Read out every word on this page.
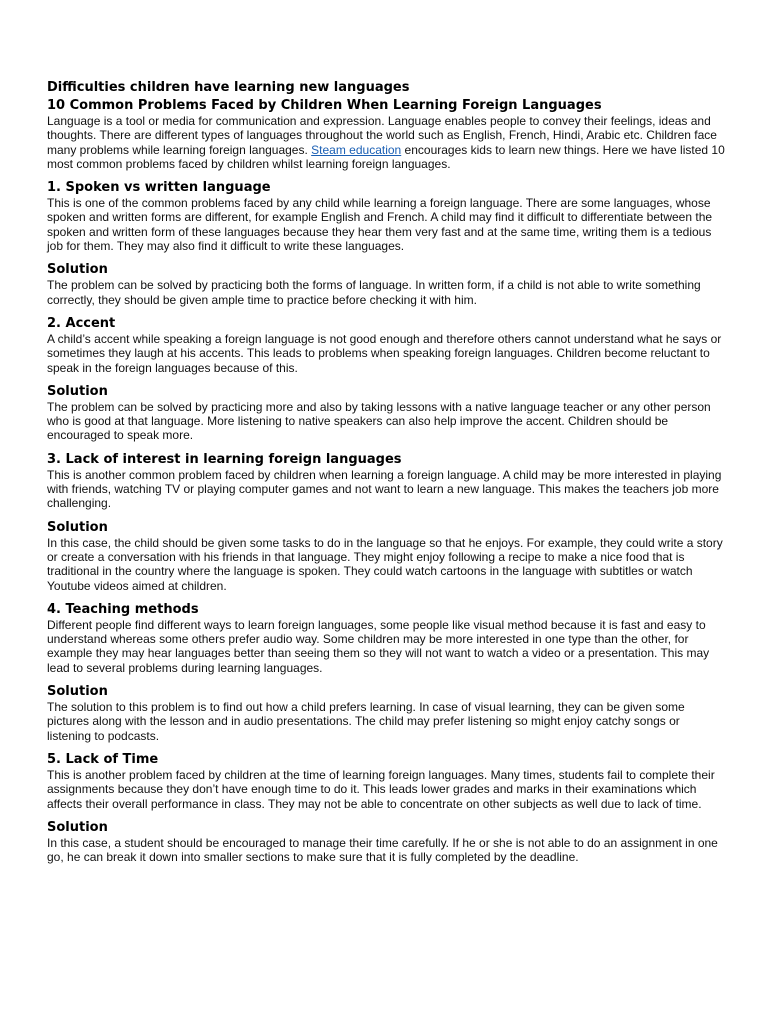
Difficulties children have learning new languages
10 Common Problems Faced by Children When Learning Foreign Languages

Language is a tool or media for communication and expression. Language enables people to convey their feelings, ideas and thoughts. There are different types of languages throughout the world such as English, French, Hindi, Arabic etc. Children face many problems while learning foreign languages. Steam education encourages kids to learn new things. Here we have listed 10 most common problems faced by children whilst learning foreign languages.

1. Spoken vs written language

This is one of the common problems faced by any child while learning a foreign language. There are some languages, whose spoken and written forms are different, for example English and French. A child may find it difficult to differentiate between the spoken and written form of these languages because they hear them very fast and at the same time, writing them is a tedious job for them. They may also find it difficult to write these languages.

Solution

The problem can be solved by practicing both the forms of language. In written form, if a child is not able to write something correctly, they should be given ample time to practice before checking it with him.

2. Accent

A child’s accent while speaking a foreign language is not good enough and therefore others cannot understand what he says or sometimes they laugh at his accents. This leads to problems when speaking foreign languages. Children become reluctant to speak in the foreign languages because of this.

Solution

The problem can be solved by practicing more and also by taking lessons with a native language teacher or any other person who is good at that language. More listening to native speakers can also help improve the accent. Children should be encouraged to speak more.

3. Lack of interest in learning foreign languages

This is another common problem faced by children when learning a foreign language. A child may be more interested in playing with friends, watching TV or playing computer games and not want to learn a new language. This makes the teachers job more challenging.

Solution

In this case, the child should be given some tasks to do in the language so that he enjoys. For example, they could write a story or create a conversation with his friends in that language. They might enjoy following a recipe to make a nice food that is traditional in the country where the language is spoken. They could watch cartoons in the language with subtitles or watch Youtube videos aimed at children.

4. Teaching methods

Different people find different ways to learn foreign languages, some people like visual method because it is fast and easy to understand whereas some others prefer audio way. Some children may be more interested in one type than the other, for example they may hear languages better than seeing them so they will not want to watch a video or a presentation. This may lead to several problems during learning languages.

Solution

The solution to this problem is to find out how a child prefers learning. In case of visual learning, they can be given some pictures along with the lesson and in audio presentations. The child may prefer listening so might enjoy catchy songs or listening to podcasts.

5. Lack of Time

This is another problem faced by children at the time of learning foreign languages. Many times, students fail to complete their assignments because they don’t have enough time to do it. This leads lower grades and marks in their examinations which affects their overall performance in class. They may not be able to concentrate on other subjects as well due to lack of time.

Solution

In this case, a student should be encouraged to manage their time carefully. If he or she is not able to do an assignment in one go, he can break it down into smaller sections to make sure that it is fully completed by the deadline.
